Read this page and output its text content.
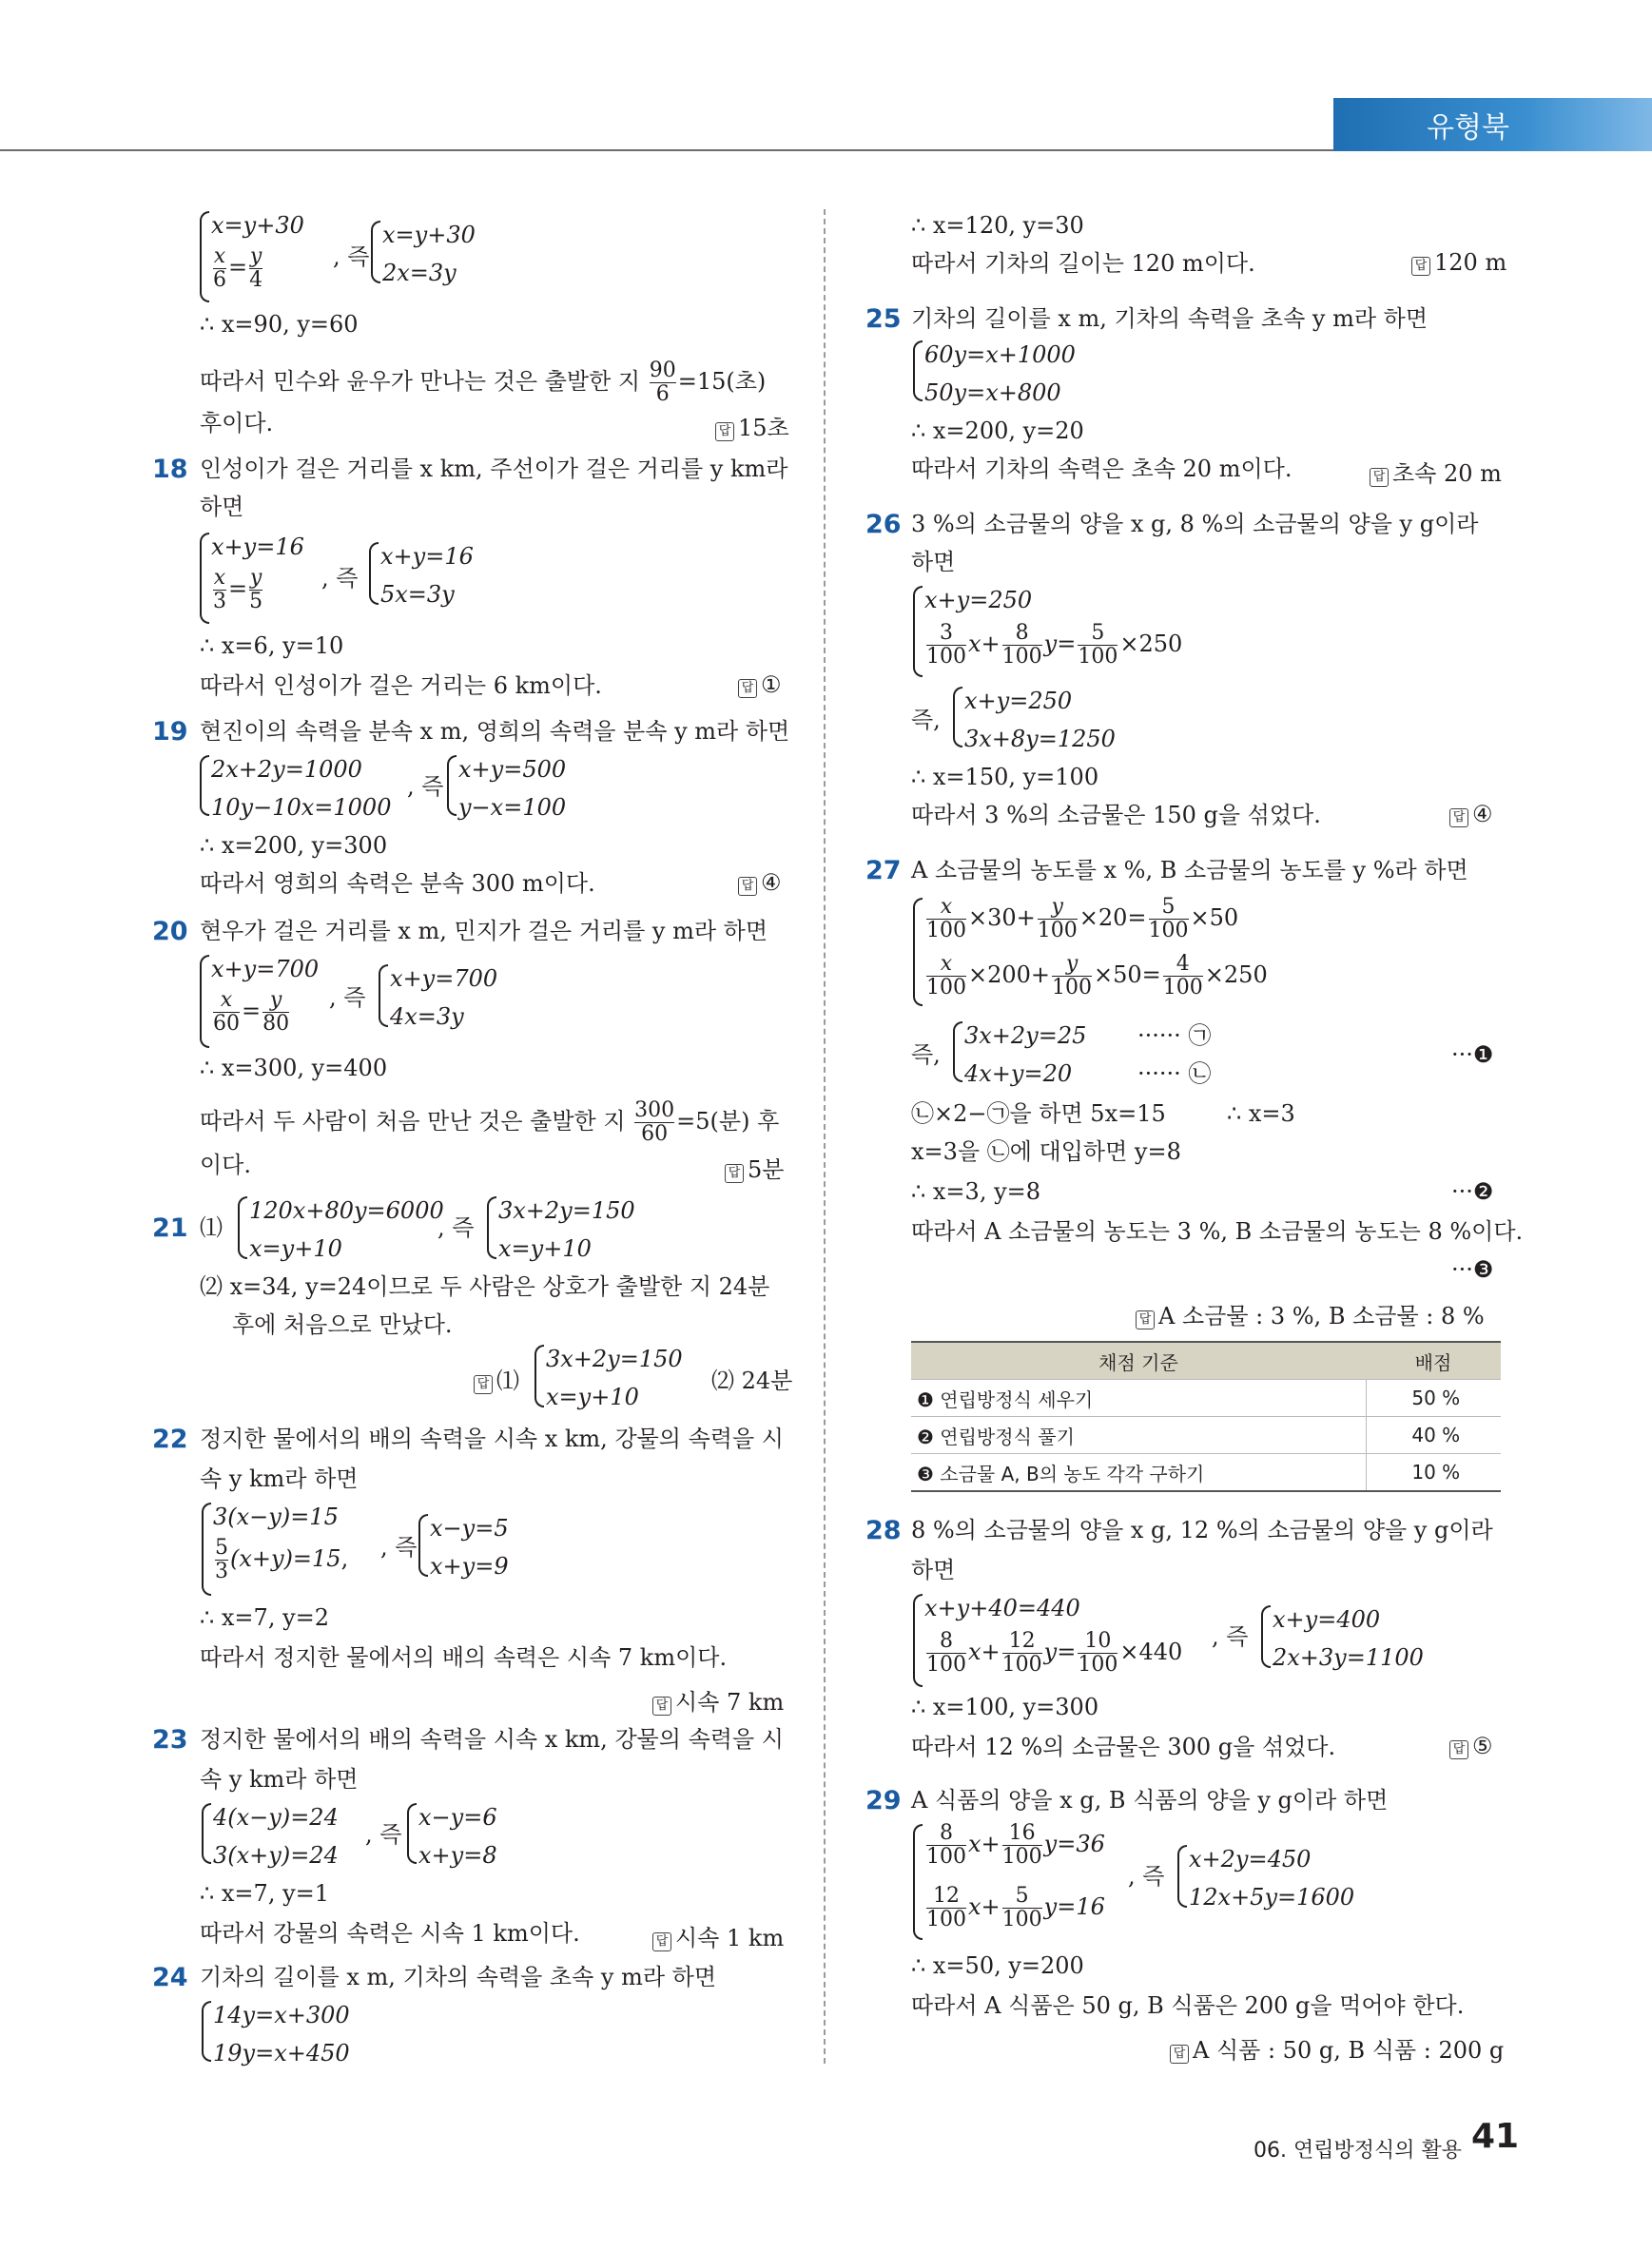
유형북
x=y+30
$\frac{x}{6} = \frac{y}{4}$	, 즉
x=y+30
2x=3y
∴ x=90, y=60
따라서 민수와 윤우가 만나는 것은 출발한 지 $\frac{90}{6} =15$(초)
후이다.	답 15초
18 인성이가 걸은 거리를 x km, 주선이가 걸은 거리를 y km라
하면
x+y=16
$\frac{x}{3} = \frac{y}{5}$	, 즉
x+y=16
5x=3y
∴ x=6, y=10
따라서 인성이가 걸은 거리는 6 km이다.	답 ①
19 현진이의 속력을 분속 x m, 영희의 속력을 분속 y m라 하면
2x+2y=1000
10y−10x=1000
, 즉
x+y=500
y−x=100
∴ x=200, y=300
따라서 영희의 속력은 분속 300 m이다.	답 ④
20 현우가 걸은 거리를 x m, 민지가 걸은 거리를 y m라 하면
x+y=700
$\frac{x}{60} = \frac{y}{80}$ , 즉
x+y=700
4x=3y
∴ x=300, y=400
따라서 두 사람이 처음 만난 것은 출발한 지 $\frac{300}{60} =5$(분) 후
이다.	답 5분
21 ⑴
120x+80y=6000
x=y+10
, 즉
3x+2y=150
x=y+10
⑵ x=34, y=24이므로 두 사람은 상호가 출발한 지 24분
후에 처음으로 만났다.
답 ⑴
3x+2y=150
x=y+10
⑵ 24분
22 정지한 물에서의 배의 속력을 시속 x km, 강물의 속력을 시
속 y km라 하면
3(x−y)=15
$\frac{5}{3} (x+y)=15$, , 즉
x−y=5
x+y=9
∴ x=7, y=2
따라서 정지한 물에서의 배의 속력은 시속 7 km이다.
답 시속 7 km
23 정지한 물에서의 배의 속력을 시속 x km, 강물의 속력을 시
속 y km라 하면
4(x−y)=24
3(x+y)=24
, 즉
x−y=6
x+y=8
∴ x=7, y=1
따라서 강물의 속력은 시속 1 km이다.	답 시속 1 km
24 기차의 길이를 x m, 기차의 속력을 초속 y m라 하면
14y=x+300
19y=x+450
∴ x=120, y=30
따라서 기차의 길이는 120 m이다.	답 120 m
25 기차의 길이를 x m, 기차의 속력을 초속 y m라 하면
60y=x+1000
50y=x+800
∴ x=200, y=20
따라서 기차의 속력은 초속 20 m이다.	답 초속 20 m
26 3 %의 소금물의 양을 x g, 8 %의 소금물의 양을 y g이라
하면
x+y=250
$\frac{3}{100} x+ \frac{8}{100} y= \frac{5}{100} \times 250$
즉,
x+y=250
3x+8y=1250
∴ x=150, y=100
따라서 3 %의 소금물은 150 g을 섞었다.	답 ④
27 A 소금물의 농도를 x %, B 소금물의 농도를 y %라 하면
$\frac{x}{100} \times 30+ \frac{y}{100} \times 20= \frac{5}{100} \times 50$
$\frac{x}{100} \times 200+ \frac{y}{100} \times 50= \frac{4}{100} \times 250$
즉,
3x+2y=25 ······ ㉠
4x+y=20	······ ㉡
···❶
㉡×2−㉠을 하면 5x=15	∴ x=3
x=3을 ㉡에 대입하면 y=8
∴ x=3, y=8	···❷
따라서 A 소금물의 농도는 3 %, B 소금물의 농도는 8 %이다.
···❸
답 A 소금물 : 3 %, B 소금물 : 8 %
채점 기준	배점
❶ 연립방정식 세우기	50 %
❷ 연립방정식 풀기	40 %
❸ 소금물 A, B의 농도 각각 구하기	10 %
28 8 %의 소금물의 양을 x g, 12 %의 소금물의 양을 y g이라
하면
x+y+40=440
$\frac{8}{100} x+ \frac{12}{100} y= \frac{10}{100} \times 440$
, 즉
x+y=400
2x+3y=1100
∴ x=100, y=300
따라서 12 %의 소금물은 300 g을 섞었다.	답 ⑤
29 A 식품의 양을 x g, B 식품의 양을 y g이라 하면
$\frac{8}{100} x+ \frac{16}{100} y=36$
$\frac{12}{100} x+ \frac{5}{100} y=16$
, 즉
x+2y=450
12x+5y=1600
∴ x=50, y=200
따라서 A 식품은 50 g, B 식품은 200 g을 먹어야 한다.
답 A 식품 : 50 g, B 식품 : 200 g
06. 연립방정식의 활용 41
